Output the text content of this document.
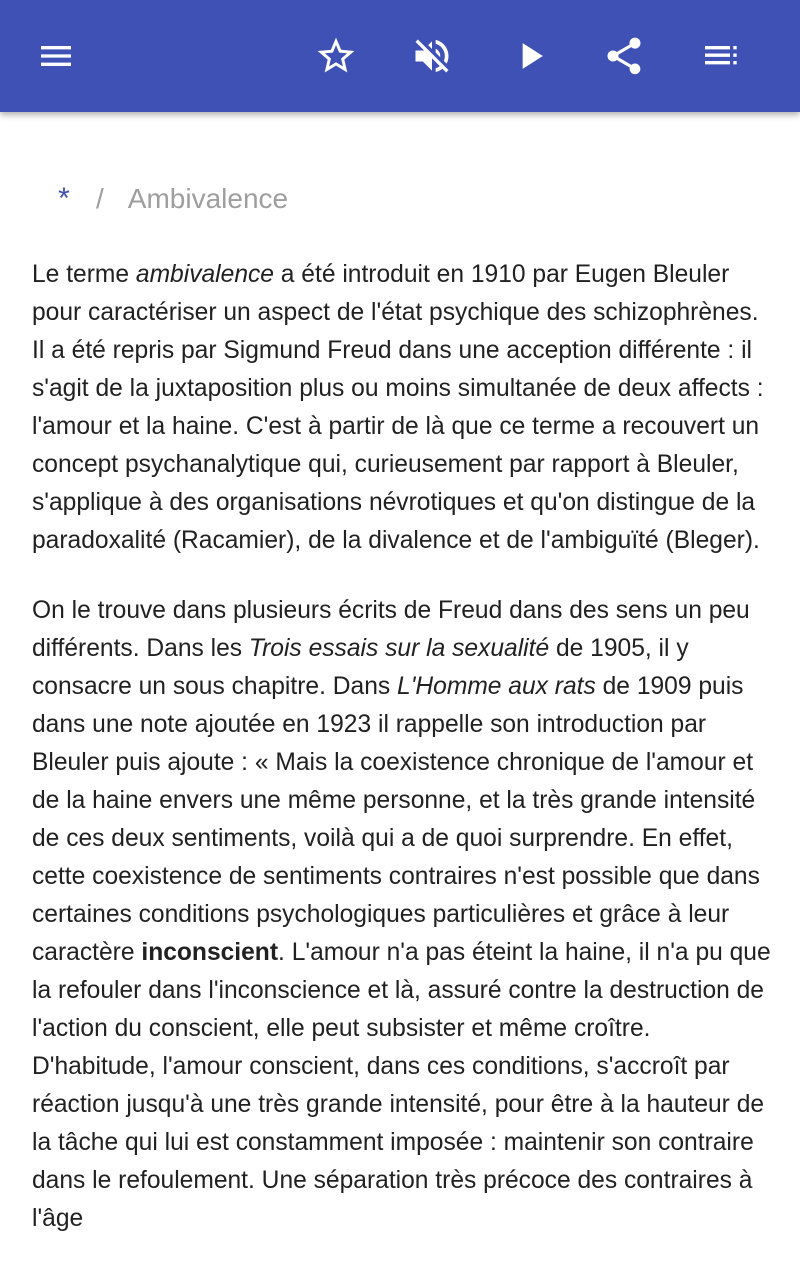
* / Ambivalence

Le terme ambivalence a été introduit en 1910 par Eugen Bleuler pour caractériser un aspect de l'état psychique des schizophrènes. Il a été repris par Sigmund Freud dans une acception différente : il s'agit de la juxtaposition plus ou moins simultanée de deux affects : l'amour et la haine. C'est à partir de là que ce terme a recouvert un concept psychanalytique qui, curieusement par rapport à Bleuler, s'applique à des organisations névrotiques et qu'on distingue de la paradoxalité (Racamier), de la divalence et de l'ambiguïté (Bleger).

On le trouve dans plusieurs écrits de Freud dans des sens un peu différents. Dans les Trois essais sur la sexualité de 1905, il y consacre un sous chapitre. Dans L'Homme aux rats de 1909 puis dans une note ajoutée en 1923 il rappelle son introduction par Bleuler puis ajoute : « Mais la coexistence chronique de l'amour et de la haine envers une même personne, et la très grande intensité de ces deux sentiments, voilà qui a de quoi surprendre. En effet, cette coexistence de sentiments contraires n'est possible que dans certaines conditions psychologiques particulières et grâce à leur caractère inconscient. L'amour n'a pas éteint la haine, il n'a pu que la refouler dans l'inconscience et là, assuré contre la destruction de l'action du conscient, elle peut subsister et même croître. D'habitude, l'amour conscient, dans ces conditions, s'accroît par réaction jusqu'à une très grande intensité, pour être à la hauteur de la tâche qui lui est constamment imposée : maintenir son contraire dans le refoulement. Une séparation très précoce des contraires à l'âge
